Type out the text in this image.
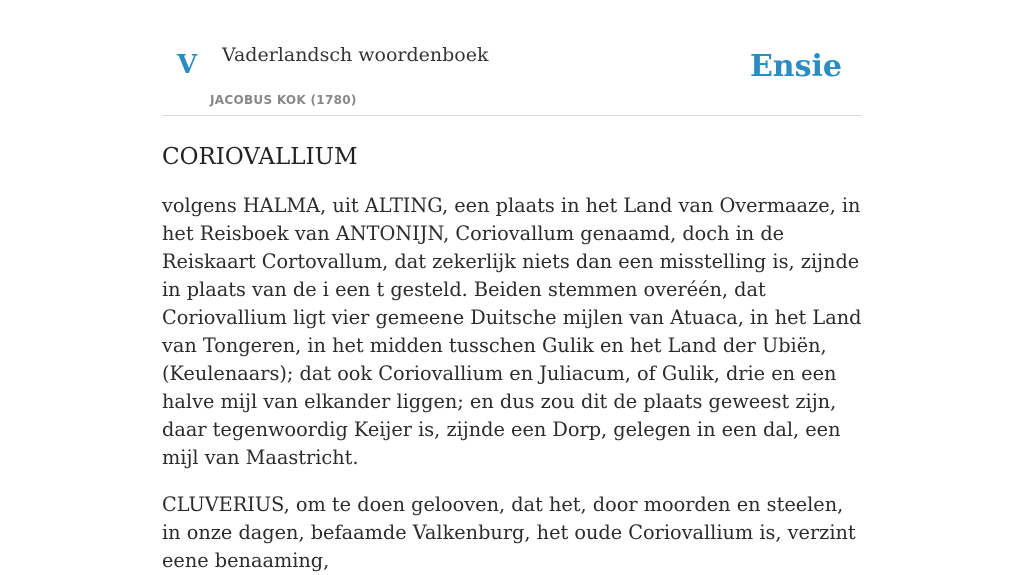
V Vaderlandsch woordenboek
JACOBUS KOK (1780)
Ensie
CORIOVALLIUM

volgens HALMA, uit ALTING, een plaats in het Land van Overmaaze, in het Reisboek van ANTONIJN, Coriovallum genaamd, doch in de Reiskaart Cortovallum, dat zekerlijk niets dan een misstelling is, zijnde in plaats van de i een t gesteld. Beiden stemmen overéén, dat Coriovallium ligt vier gemeene Duitsche mijlen van Atuaca, in het Land van Tongeren, in het midden tusschen Gulik en het Land der Ubiën, (Keulenaars); dat ook Coriovallium en Juliacum, of Gulik, drie en een halve mijl van elkander liggen; en dus zou dit de plaats geweest zijn, daar tegenwoordig Keijer is, zijnde een Dorp, gelegen in een dal, een mijl van Maastricht.

CLUVERIUS, om te doen gelooven, dat het, door moorden en steelen, in onze dagen, befaamde Valkenburg, het oude Coriovallium is, verzint eene benaaming,
